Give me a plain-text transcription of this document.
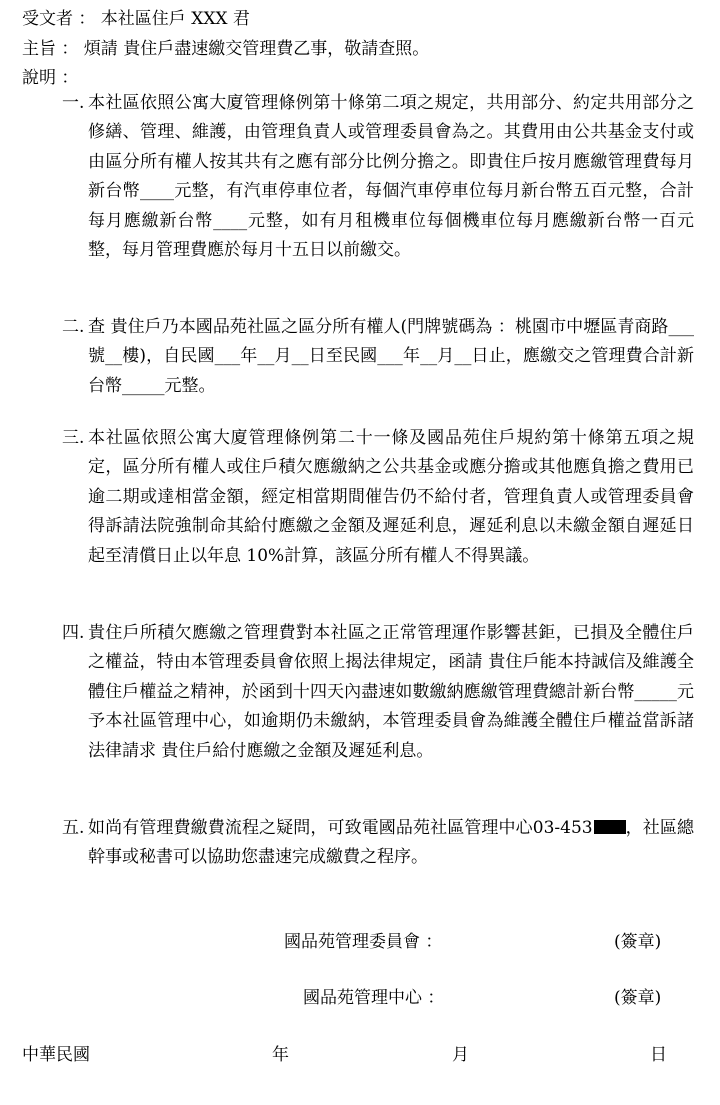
受文者 ： 本社區住戶 XXX 君
主旨 ： 煩請 貴住戶盡速繳交管理費乙事，敬請查照。
說明 ：
一. 本社區依照公寓大廈管理條例第十條第二項之規定，共用部分、約定共用部分之修繕、管理、維護，由管理負責人或管理委員會為之。其費用由公共基金支付或由區分所有權人按其共有之應有部分比例分擔之。即貴住戶按月應繳管理費每月新台幣____元整，有汽車停車位者，每個汽車停車位每月新台幣五百元整，合計每月應繳新台幣____元整，如有月租機車位每個機車位每月應繳新台幣一百元整，每月管理費應於每月十五日以前繳交。
二. 查 貴住戶乃本國品苑社區之區分所有權人(門牌號碼為 ：桃園市中壢區青商路___號__樓)，自民國___年__月__日至民國___年__月__日止，應繳交之管理費合計新台幣_____元整。
三. 本社區依照公寓大廈管理條例第二十一條及國品苑住戶規約第十條第五項之規定，區分所有權人或住戶積欠應繳納之公共基金或應分擔或其他應負擔之費用已逾二期或達相當金額，經定相當期間催告仍不給付者，管理負責人或管理委員會得訴請法院強制命其給付應繳之金額及遲延利息，遲延利息以未繳金額自遲延日起至清償日止以年息 10%計算，該區分所有權人不得異議。
四. 貴住戶所積欠應繳之管理費對本社區之正常管理運作影響甚鉅，已損及全體住戶之權益，特由本管理委員會依照上揭法律規定，函請 貴住戶能本持誠信及維護全體住戶權益之精神，於函到十四天內盡速如數繳納應繳管理費總計新台幣_____元予本社區管理中心，如逾期仍未繳納，本管理委員會為維護全體住戶權益當訴諸法律請求 貴住戶給付應繳之金額及遲延利息。
五. 如尚有管理費繳費流程之疑問，可致電國品苑社區管理中心03-453 ，社區總幹事或秘書可以協助您盡速完成繳費之程序。
國品苑管理委員會 ：	(簽章)
國品苑管理中心 ：	(簽章)
中華民國	年	月	日
